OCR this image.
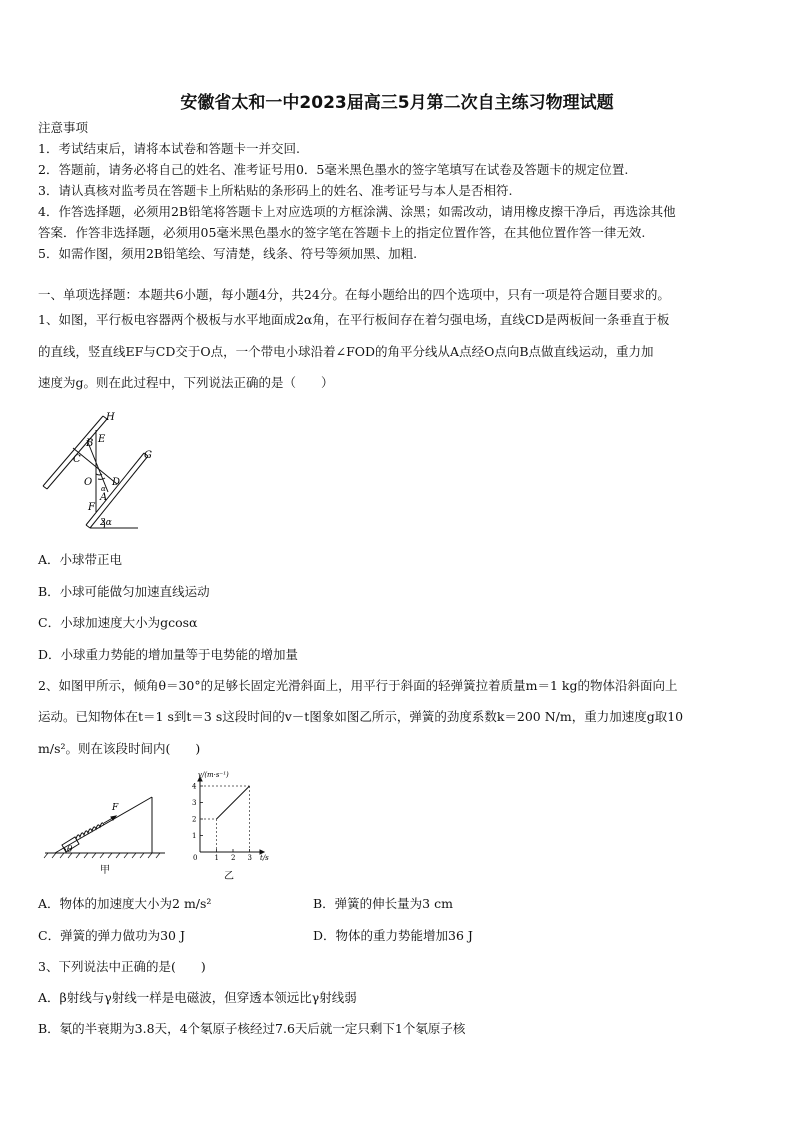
安徽省太和一中2023届高三5月第二次自主练习物理试题
注意事项
1．考试结束后，请将本试卷和答题卡一并交回.
2．答题前，请务必将自己的姓名、准考证号用0．5毫米黑色墨水的签字笔填写在试卷及答题卡的规定位置.
3．请认真核对监考员在答题卡上所粘贴的条形码上的姓名、准考证号与本人是否相符.
4．作答选择题，必须用2B铅笔将答题卡上对应选项的方框涂满、涂黑；如需改动，请用橡皮擦干净后，再选涂其他
答案．作答非选择题，必须用05毫米黑色墨水的签字笔在答题卡上的指定位置作答，在其他位置作答一律无效.
5．如需作图，须用2B铅笔绘、写清楚，线条、符号等须加黑、加粗.
一、单项选择题：本题共6小题，每小题4分，共24分。在每小题给出的四个选项中，只有一项是符合题目要求的。
1、如图，平行板电容器两个极板与水平地面成2α角，在平行板间存在着匀强电场，直线CD是两板间一条垂直于板
的直线，竖直线EF与CD交于O点，一个带电小球沿着∠FOD的角平分线从A点经O点向B点做直线运动，重力加
速度为g。则在此过程中，下列说法正确的是（　　）
H
B E
C
O D
α
A
F
G
2α
A．小球带正电
B．小球可能做匀加速直线运动
C．小球加速度大小为gcosα
D．小球重力势能的增加量等于电势能的增加量
2、如图甲所示，倾角θ＝30°的足够长固定光滑斜面上，用平行于斜面的轻弹簧拉着质量m＝1 kg的物体沿斜面向上
运动。已知物体在t＝1 s到t＝3 s这段时间的v－t图象如图乙所示，弹簧的劲度系数k＝200 N/m，重力加速度g取10
m/s²。则在该段时间内(　　)
F
θ
甲
v/(m·s⁻¹)
t/s
0
1
2
3
4
1 2 3
乙
A．物体的加速度大小为2 m/s²	B．弹簧的伸长量为3 cm
C．弹簧的弹力做功为30 J	D．物体的重力势能增加36 J
3、下列说法中正确的是(　　)
A．β射线与γ射线一样是电磁波，但穿透本领远比γ射线弱
B．氡的半衰期为3.8天，4个氡原子核经过7.6天后就一定只剩下1个氡原子核
